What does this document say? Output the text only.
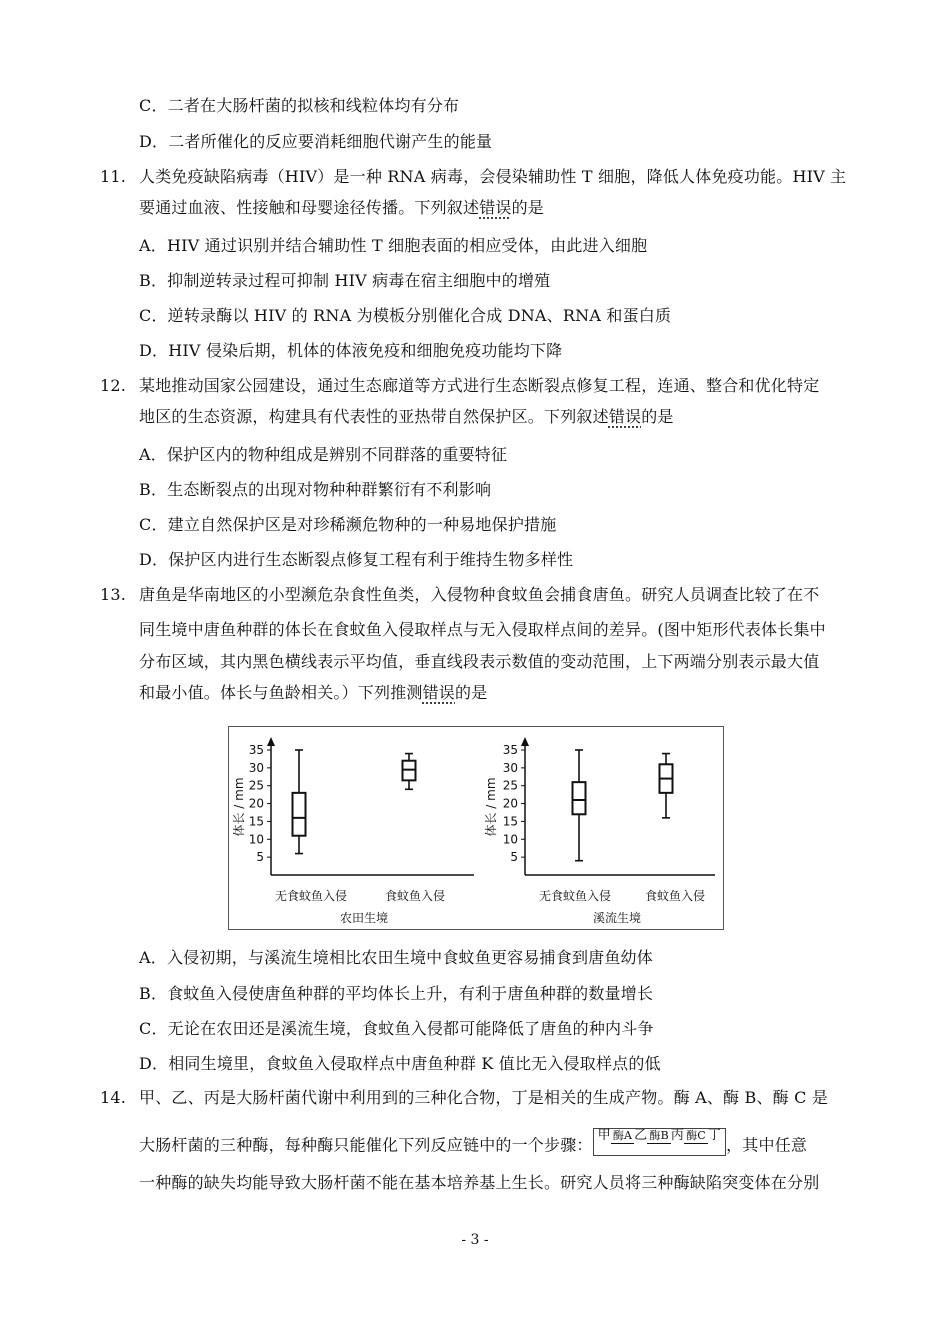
C．二者在大肠杆菌的拟核和线粒体均有分布
D．二者所催化的反应要消耗细胞代谢产生的能量
11. 人类免疫缺陷病毒（HIV）是一种 RNA 病毒，会侵染辅助性 T 细胞，降低人体免疫功能。HIV 主
要通过血液、性接触和母婴途径传播。下列叙述错误的是
A．HIV 通过识别并结合辅助性 T 细胞表面的相应受体，由此进入细胞
B．抑制逆转录过程可抑制 HIV 病毒在宿主细胞中的增殖
C．逆转录酶以 HIV 的 RNA 为模板分别催化合成 DNA、RNA 和蛋白质
D．HIV 侵染后期，机体的体液免疫和细胞免疫功能均下降
12. 某地推动国家公园建设，通过生态廊道等方式进行生态断裂点修复工程，连通、整合和优化特定
地区的生态资源，构建具有代表性的亚热带自然保护区。下列叙述错误的是
A．保护区内的物种组成是辨别不同群落的重要特征
B．生态断裂点的出现对物种种群繁衍有不利影响
C．建立自然保护区是对珍稀濒危物种的一种易地保护措施
D．保护区内进行生态断裂点修复工程有利于维持生物多样性
13. 唐鱼是华南地区的小型濒危杂食性鱼类，入侵物种食蚊鱼会捕食唐鱼。研究人员调查比较了在不
同生境中唐鱼种群的体长在食蚊鱼入侵取样点与无入侵取样点间的差异。(图中矩形代表体长集中
分布区域，其内黑色横线表示平均值，垂直线段表示数值的变动范围，上下两端分别表示最大值
和最小值。体长与鱼龄相关。）下列推测错误的是
体长 / mm
5
10
15
20
25
30
35
无食蚊鱼入侵	食蚊鱼入侵
农田生境
体长 / mm
5
10
15
20
25
30
35
无食蚊鱼入侵	食蚊鱼入侵
溪流生境
A．入侵初期，与溪流生境相比农田生境中食蚊鱼更容易捕食到唐鱼幼体
B．食蚊鱼入侵使唐鱼种群的平均体长上升，有利于唐鱼种群的数量增长
C．无论在农田还是溪流生境，食蚊鱼入侵都可能降低了唐鱼的种内斗争
D．相同生境里，食蚊鱼入侵取样点中唐鱼种群 K 值比无入侵取样点的低
14. 甲、乙、丙是大肠杆菌代谢中利用到的三种化合物，丁是相关的生成产物。酶 A、酶 B、酶 C 是
大肠杆菌的三种酶，每种酶只能催化下列反应链中的一个步骤： 甲 酶A 乙 酶B 丙 酶C 丁 ，其中任意
一种酶的缺失均能导致大肠杆菌不能在基本培养基上生长。研究人员将三种酶缺陷突变体在分别
- 3 -
